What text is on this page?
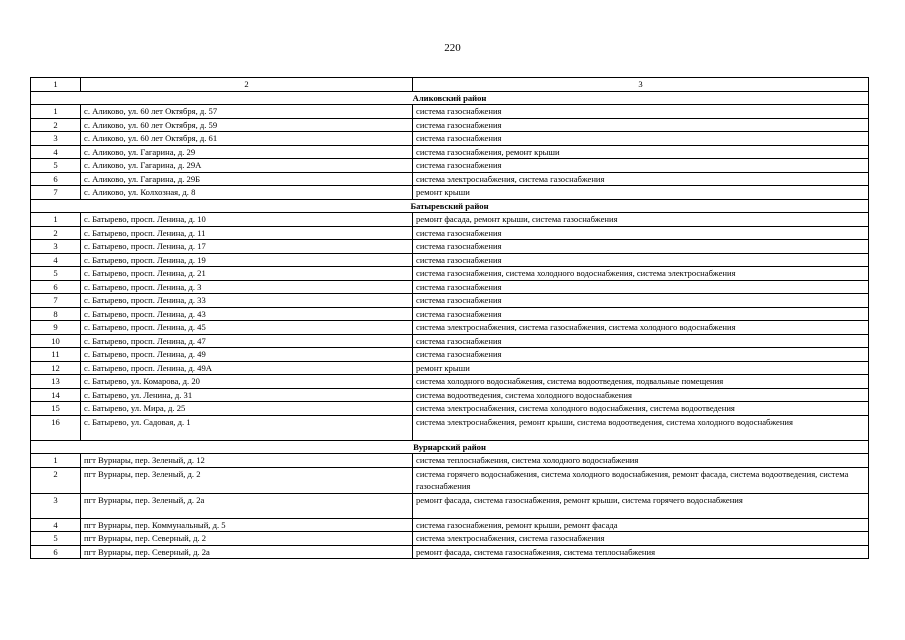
220
1	2	3
Аликовский район		
1	с. Аликово, ул. 60 лет Октября, д. 57	система газоснабжения
2	с. Аликово, ул. 60 лет Октября, д. 59	система газоснабжения
3	с. Аликово, ул. 60 лет Октября, д. 61	система газоснабжения
4	с. Аликово, ул. Гагарина, д. 29	система газоснабжения, ремонт крыши
5	с. Аликово, ул. Гагарина, д. 29А	система газоснабжения
6	с. Аликово, ул. Гагарина, д. 29Б	система электроснабжения, система газоснабжения
7	с. Аликово, ул. Колхозная, д. 8	ремонт крыши
Батыревский район		
1	с. Батырево, просп. Ленина, д. 10	ремонт фасада, ремонт крыши, система газоснабжения
2	с. Батырево, просп. Ленина, д. 11	система газоснабжения
3	с. Батырево, просп. Ленина, д. 17	система газоснабжения
4	с. Батырево, просп. Ленина, д. 19	система газоснабжения
5	с. Батырево, просп. Ленина, д. 21	система газоснабжения, система холодного водоснабжения, система электроснабжения
6	с. Батырево, просп. Ленина, д. 3	система газоснабжения
7	с. Батырево, просп. Ленина, д. 33	система газоснабжения
8	с. Батырево, просп. Ленина, д. 43	система газоснабжения
9	с. Батырево, просп. Ленина, д. 45	система электроснабжения, система газоснабжения, система холодного водоснабжения
10	с. Батырево, просп. Ленина, д. 47	система газоснабжения
11	с. Батырево, просп. Ленина, д. 49	система газоснабжения
12	с. Батырево, просп. Ленина, д. 49А	ремонт крыши
13	с. Батырево, ул. Комарова, д. 20	система холодного водоснабжения, система водоотведения, подвальные помещения
14	с. Батырево, ул. Ленина, д. 31	система водоотведения, система холодного водоснабжения
15	с. Батырево, ул. Мира, д. 25	система электроснабжения, система холодного водоснабжения, система водоотведения
16	с. Батырево, ул. Садовая, д. 1	система электроснабжения, ремонт крыши, система водоотведения, система холодного водоснабжения
Вурнарский район		
1	пгт Вурнары, пер. Зеленый, д. 12	система теплоснабжения, система холодного водоснабжения
2	пгт Вурнары, пер. Зеленый, д. 2	система горячего водоснабжения, система холодного водоснабжения, ремонт фасада, система водоотведения, система газоснабжения
3	пгт Вурнары, пер. Зеленый, д. 2а	ремонт фасада, система газоснабжения, ремонт крыши, система горячего водоснабжения
4	пгт Вурнары, пер. Коммунальный, д. 5	система газоснабжения, ремонт крыши, ремонт фасада
5	пгт Вурнары, пер. Северный, д. 2	система электроснабжения, система газоснабжения
6	пгт Вурнары, пер. Северный, д. 2а	ремонт фасада, система газоснабжения, система теплоснабжения
